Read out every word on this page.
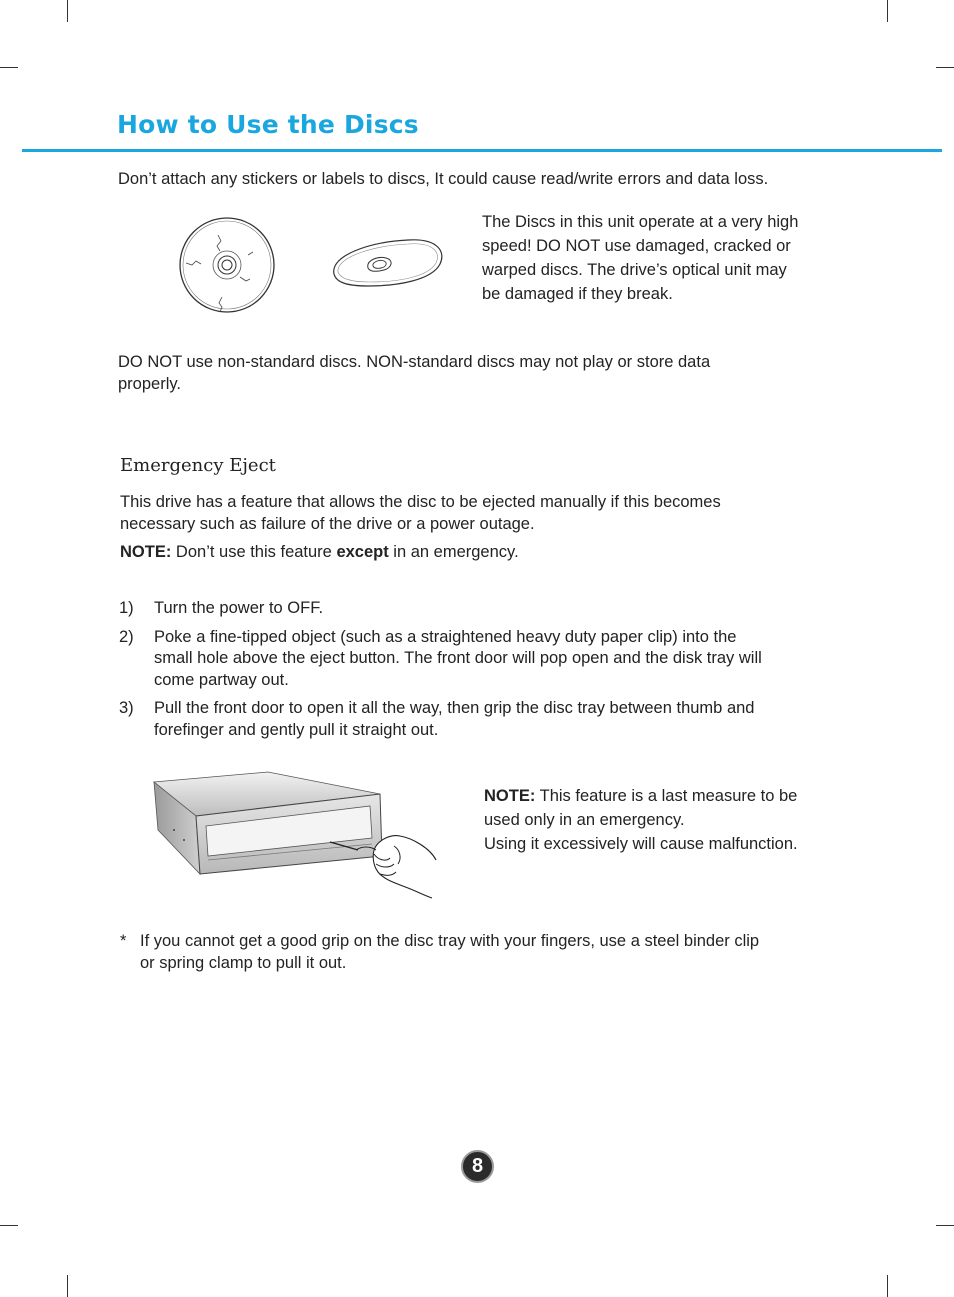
How to Use the Discs
Don’t attach any stickers or labels to discs, It could cause read/write errors and data loss.
The Discs in this unit operate at a very high
speed! DO NOT use damaged, cracked or
warped discs. The drive’s optical unit may
be damaged if they break.
DO NOT use non-standard discs. NON-standard discs may not play or store data
properly.
Emergency Eject
This drive has a feature that allows the disc to be ejected manually if this becomes
necessary such as failure of the drive or a power outage.
NOTE: Don’t use this feature except in an emergency.
1) Turn the power to OFF.
2) Poke a fine-tipped object (such as a straightened heavy duty paper clip) into the
small hole above the eject button. The front door will pop open and the disk tray will
come partway out.
3) Pull the front door to open it all the way, then grip the disc tray between thumb and
forefinger and gently pull it straight out.
NOTE: This feature is a last measure to be
used only in an emergency.
Using it excessively will cause malfunction.
* If you cannot get a good grip on the disc tray with your fingers, use a steel binder clip
or spring clamp to pull it out.
8
